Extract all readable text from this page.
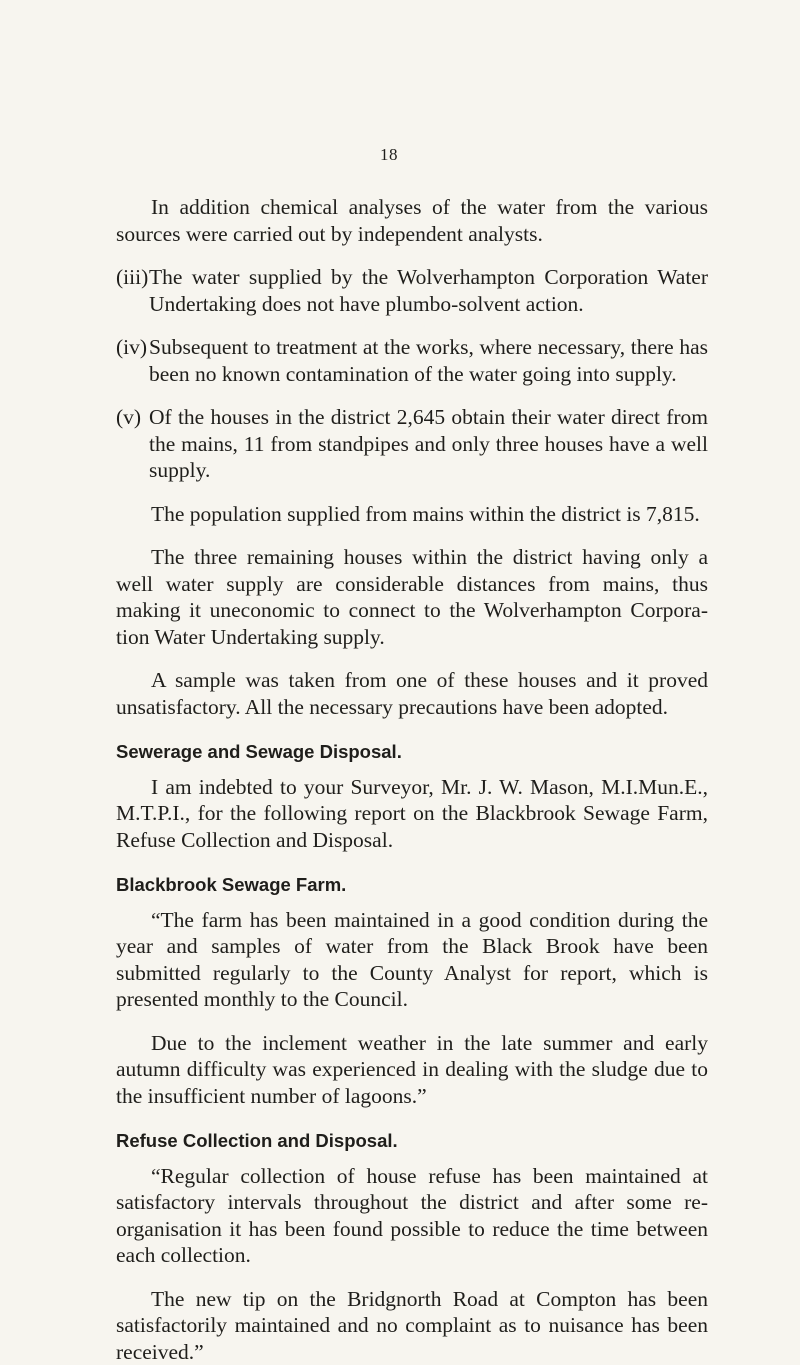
18

In addition chemical analyses of the water from the various sources were carried out by independent analysts.

(iii) The water supplied by the Wolverhampton Corporation Water Undertaking does not have plumbo-solvent action.
(iv) Subsequent to treatment at the works, where necessary, there has been no known contamination of the water going into supply.
(v) Of the houses in the district 2,645 obtain their water direct from the mains, 11 from standpipes and only three houses have a well supply.

The population supplied from mains within the district is 7,815.

The three remaining houses within the district having only a well water supply are considerable distances from mains, thus making it uneconomic to connect to the Wolverhampton Corpora-tion Water Undertaking supply.

A sample was taken from one of these houses and it proved unsatisfactory. All the necessary precautions have been adopted.

Sewerage and Sewage Disposal.

I am indebted to your Surveyor, Mr. J. W. Mason, M.I.Mun.E., M.T.P.I., for the following report on the Blackbrook Sewage Farm, Refuse Collection and Disposal.

Blackbrook Sewage Farm.

“The farm has been maintained in a good condition during the year and samples of water from the Black Brook have been submitted regularly to the County Analyst for report, which is presented monthly to the Council.

Due to the inclement weather in the late summer and early autumn difficulty was experienced in dealing with the sludge due to the insufficient number of lagoons.”

Refuse Collection and Disposal.

“Regular collection of house refuse has been maintained at satisfactory intervals throughout the district and after some re-organisation it has been found possible to reduce the time between each collection.

The new tip on the Bridgnorth Road at Compton has been satisfactorily maintained and no complaint as to nuisance has been received.”
